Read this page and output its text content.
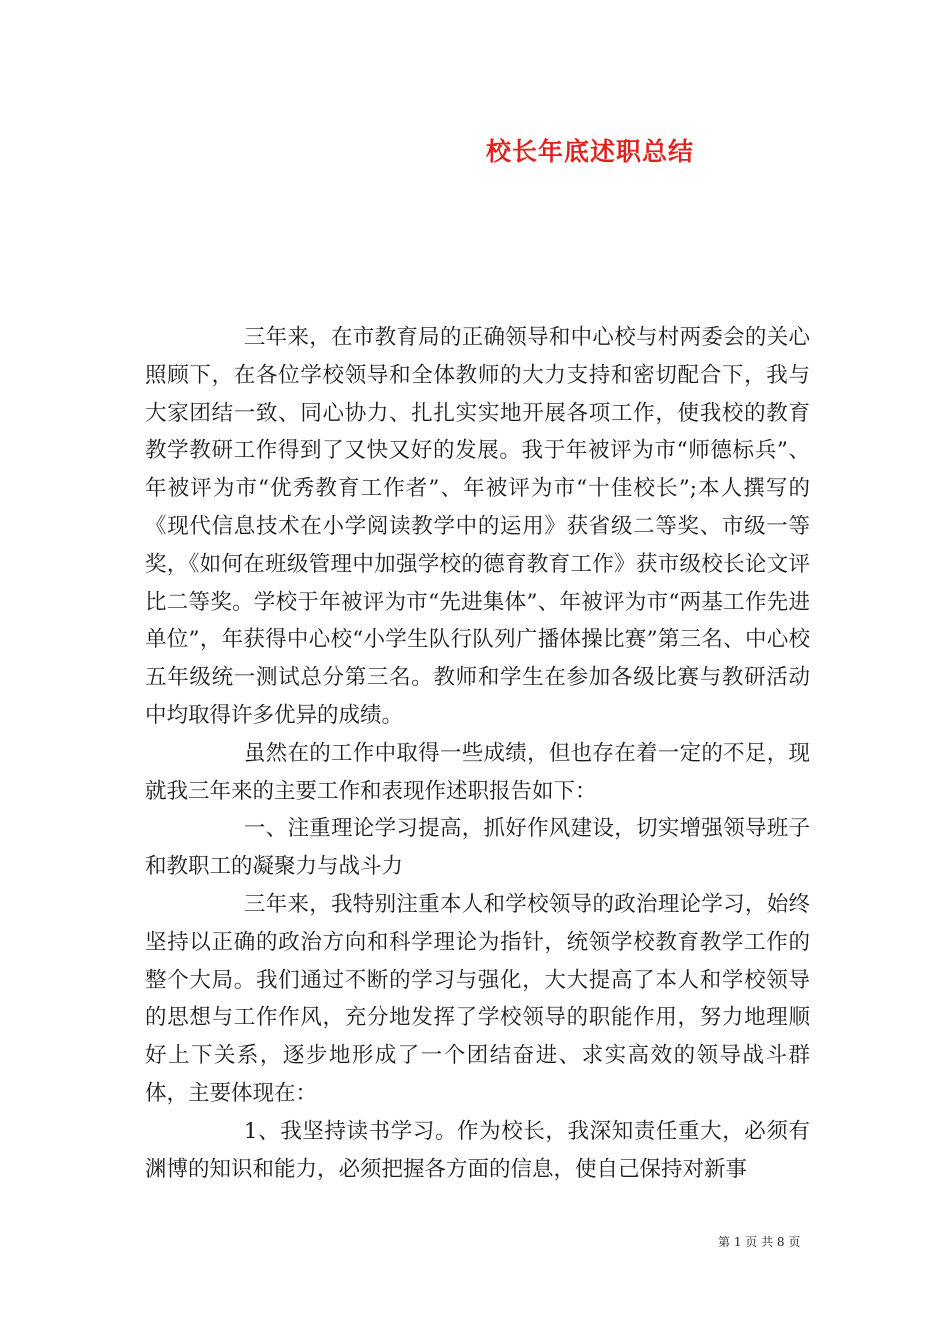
校长年底述职总结

三年来，在市教育局的正确领导和中心校与村两委会的关心照顾下，在各位学校领导和全体教师的大力支持和密切配合下，我与大家团结一致、同心协力、扎扎实实地开展各项工作，使我校的教育教学教研工作得到了又快又好的发展。我于年被评为市“师德标兵”、年被评为市“优秀教育工作者”、年被评为市“十佳校长”;本人撰写的《现代信息技术在小学阅读教学中的运用》获省级二等奖、市级一等奖，《如何在班级管理中加强学校的德育教育工作》获市级校长论文评比二等奖。学校于年被评为市“先进集体”、年被评为市“两基工作先进单位”，年获得中心校“小学生队行队列广播体操比赛”第三名、中心校五年级统一测试总分第三名。教师和学生在参加各级比赛与教研活动中均取得许多优异的成绩。

虽然在的工作中取得一些成绩，但也存在着一定的不足，现就我三年来的主要工作和表现作述职报告如下：

一、注重理论学习提高，抓好作风建设，切实增强领导班子和教职工的凝聚力与战斗力

三年来，我特别注重本人和学校领导的政治理论学习，始终坚持以正确的政治方向和科学理论为指针，统领学校教育教学工作的整个大局。我们通过不断的学习与强化，大大提高了本人和学校领导的思想与工作作风，充分地发挥了学校领导的职能作用，努力地理顺好上下关系，逐步地形成了一个团结奋进、求实高效的领导战斗群体，主要体现在：

1、我坚持读书学习。作为校长，我深知责任重大，必须有渊博的知识和能力，必须把握各方面的信息，使自己保持对新事

第 1 页 共 8 页
